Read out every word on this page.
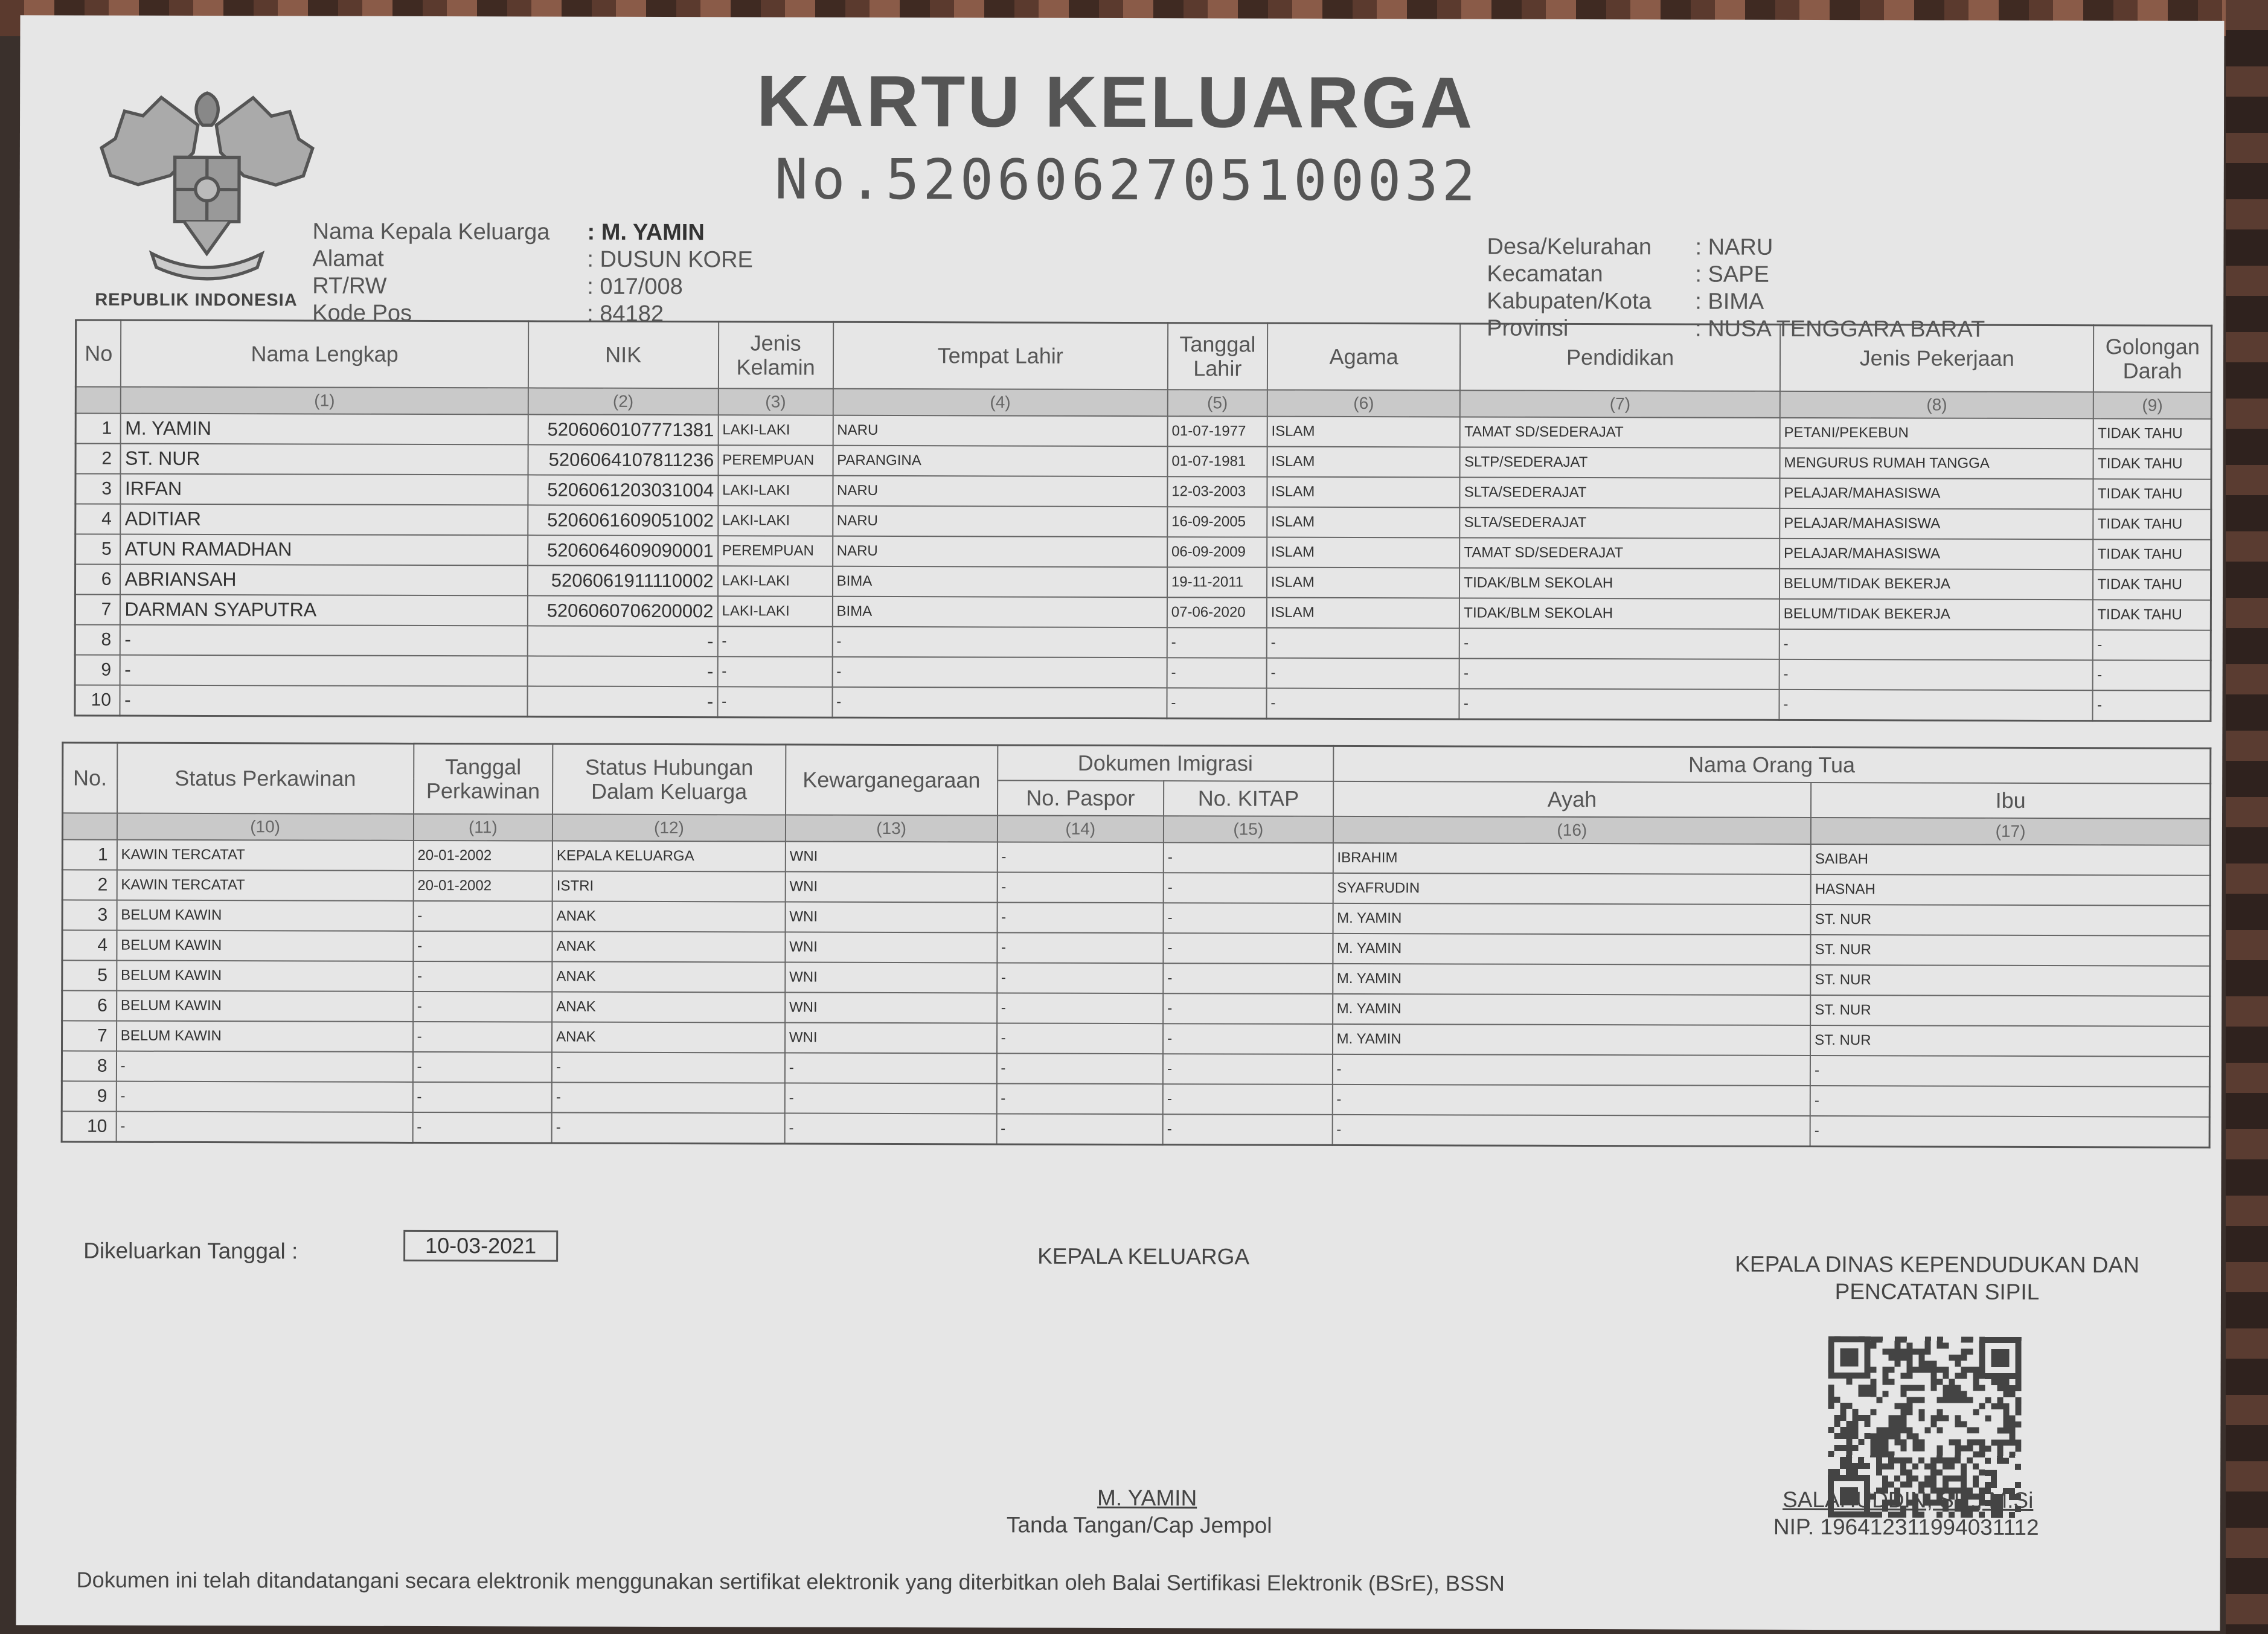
REPUBLIK INDONESIA
KARTU KELUARGA
No.5206062705100032
Nama Kepala Keluarga	: M. YAMIN
Alamat	: DUSUN KORE
RT/RW	: 017/008
Kode Pos	: 84182
Desa/Kelurahan	: NARU
Kecamatan	: SAPE
Kabupaten/Kota	: BIMA
Provinsi	: NUSA TENGGARA BARAT
No	Nama Lengkap	NIK	Jenis Kelamin	Tempat Lahir	Tanggal Lahir	Agama	Pendidikan	Jenis Pekerjaan	Golongan Darah
	(1)	(2)	(3)	(4)	(5)	(6)	(7)	(8)	(9)
1	M. YAMIN	5206060107771381	LAKI-LAKI	NARU	01-07-1977	ISLAM	TAMAT SD/SEDERAJAT	PETANI/PEKEBUN	TIDAK TAHU
2	ST. NUR	5206064107811236	PEREMPUAN	PARANGINA	01-07-1981	ISLAM	SLTP/SEDERAJAT	MENGURUS RUMAH TANGGA	TIDAK TAHU
3	IRFAN	5206061203031004	LAKI-LAKI	NARU	12-03-2003	ISLAM	SLTA/SEDERAJAT	PELAJAR/MAHASISWA	TIDAK TAHU
4	ADITIAR	5206061609051002	LAKI-LAKI	NARU	16-09-2005	ISLAM	SLTA/SEDERAJAT	PELAJAR/MAHASISWA	TIDAK TAHU
5	ATUN RAMADHAN	5206064609090001	PEREMPUAN	NARU	06-09-2009	ISLAM	TAMAT SD/SEDERAJAT	PELAJAR/MAHASISWA	TIDAK TAHU
6	ABRIANSAH	5206061911110002	LAKI-LAKI	BIMA	19-11-2011	ISLAM	TIDAK/BLM SEKOLAH	BELUM/TIDAK BEKERJA	TIDAK TAHU
7	DARMAN SYAPUTRA	5206060706200002	LAKI-LAKI	BIMA	07-06-2020	ISLAM	TIDAK/BLM SEKOLAH	BELUM/TIDAK BEKERJA	TIDAK TAHU
8	-	-	-	-	-	-	-	-	-
9	-	-	-	-	-	-	-	-	-
10	-	-	-	-	-	-	-	-	-
No.	Status Perkawinan	Tanggal Perkawinan	Status Hubungan Dalam Keluarga	Kewarganegaraan	Dokumen Imigrasi		Nama Orang Tua	
					No. Paspor	No. KITAP	Ayah	Ibu
	(10)	(11)	(12)	(13)	(14)	(15)	(16)	(17)
1	KAWIN TERCATAT	20-01-2002	KEPALA KELUARGA	WNI	-	-	IBRAHIM	SAIBAH
2	KAWIN TERCATAT	20-01-2002	ISTRI	WNI	-	-	SYAFRUDIN	HASNAH
3	BELUM KAWIN	-	ANAK	WNI	-	-	M. YAMIN	ST. NUR
4	BELUM KAWIN	-	ANAK	WNI	-	-	M. YAMIN	ST. NUR
5	BELUM KAWIN	-	ANAK	WNI	-	-	M. YAMIN	ST. NUR
6	BELUM KAWIN	-	ANAK	WNI	-	-	M. YAMIN	ST. NUR
7	BELUM KAWIN	-	ANAK	WNI	-	-	M. YAMIN	ST. NUR
8	-	-	-	-	-	-	-	-
9	-	-	-	-	-	-	-	-
10	-	-	-	-	-	-	-	-
Dikeluarkan Tanggal :	10-03-2021	KEPALA KELUARGA
M. YAMIN
Tanda Tangan/Cap Jempol
KEPALA DINAS KEPENDUDUKAN DAN
PENCATATAN SIPIL
SALAHUDDIN, SH., M.Si
NIP. 196412311994031112
Dokumen ini telah ditandatangani secara elektronik menggunakan sertifikat elektronik yang diterbitkan oleh Balai Sertifikasi Elektronik (BSrE), BSSN
